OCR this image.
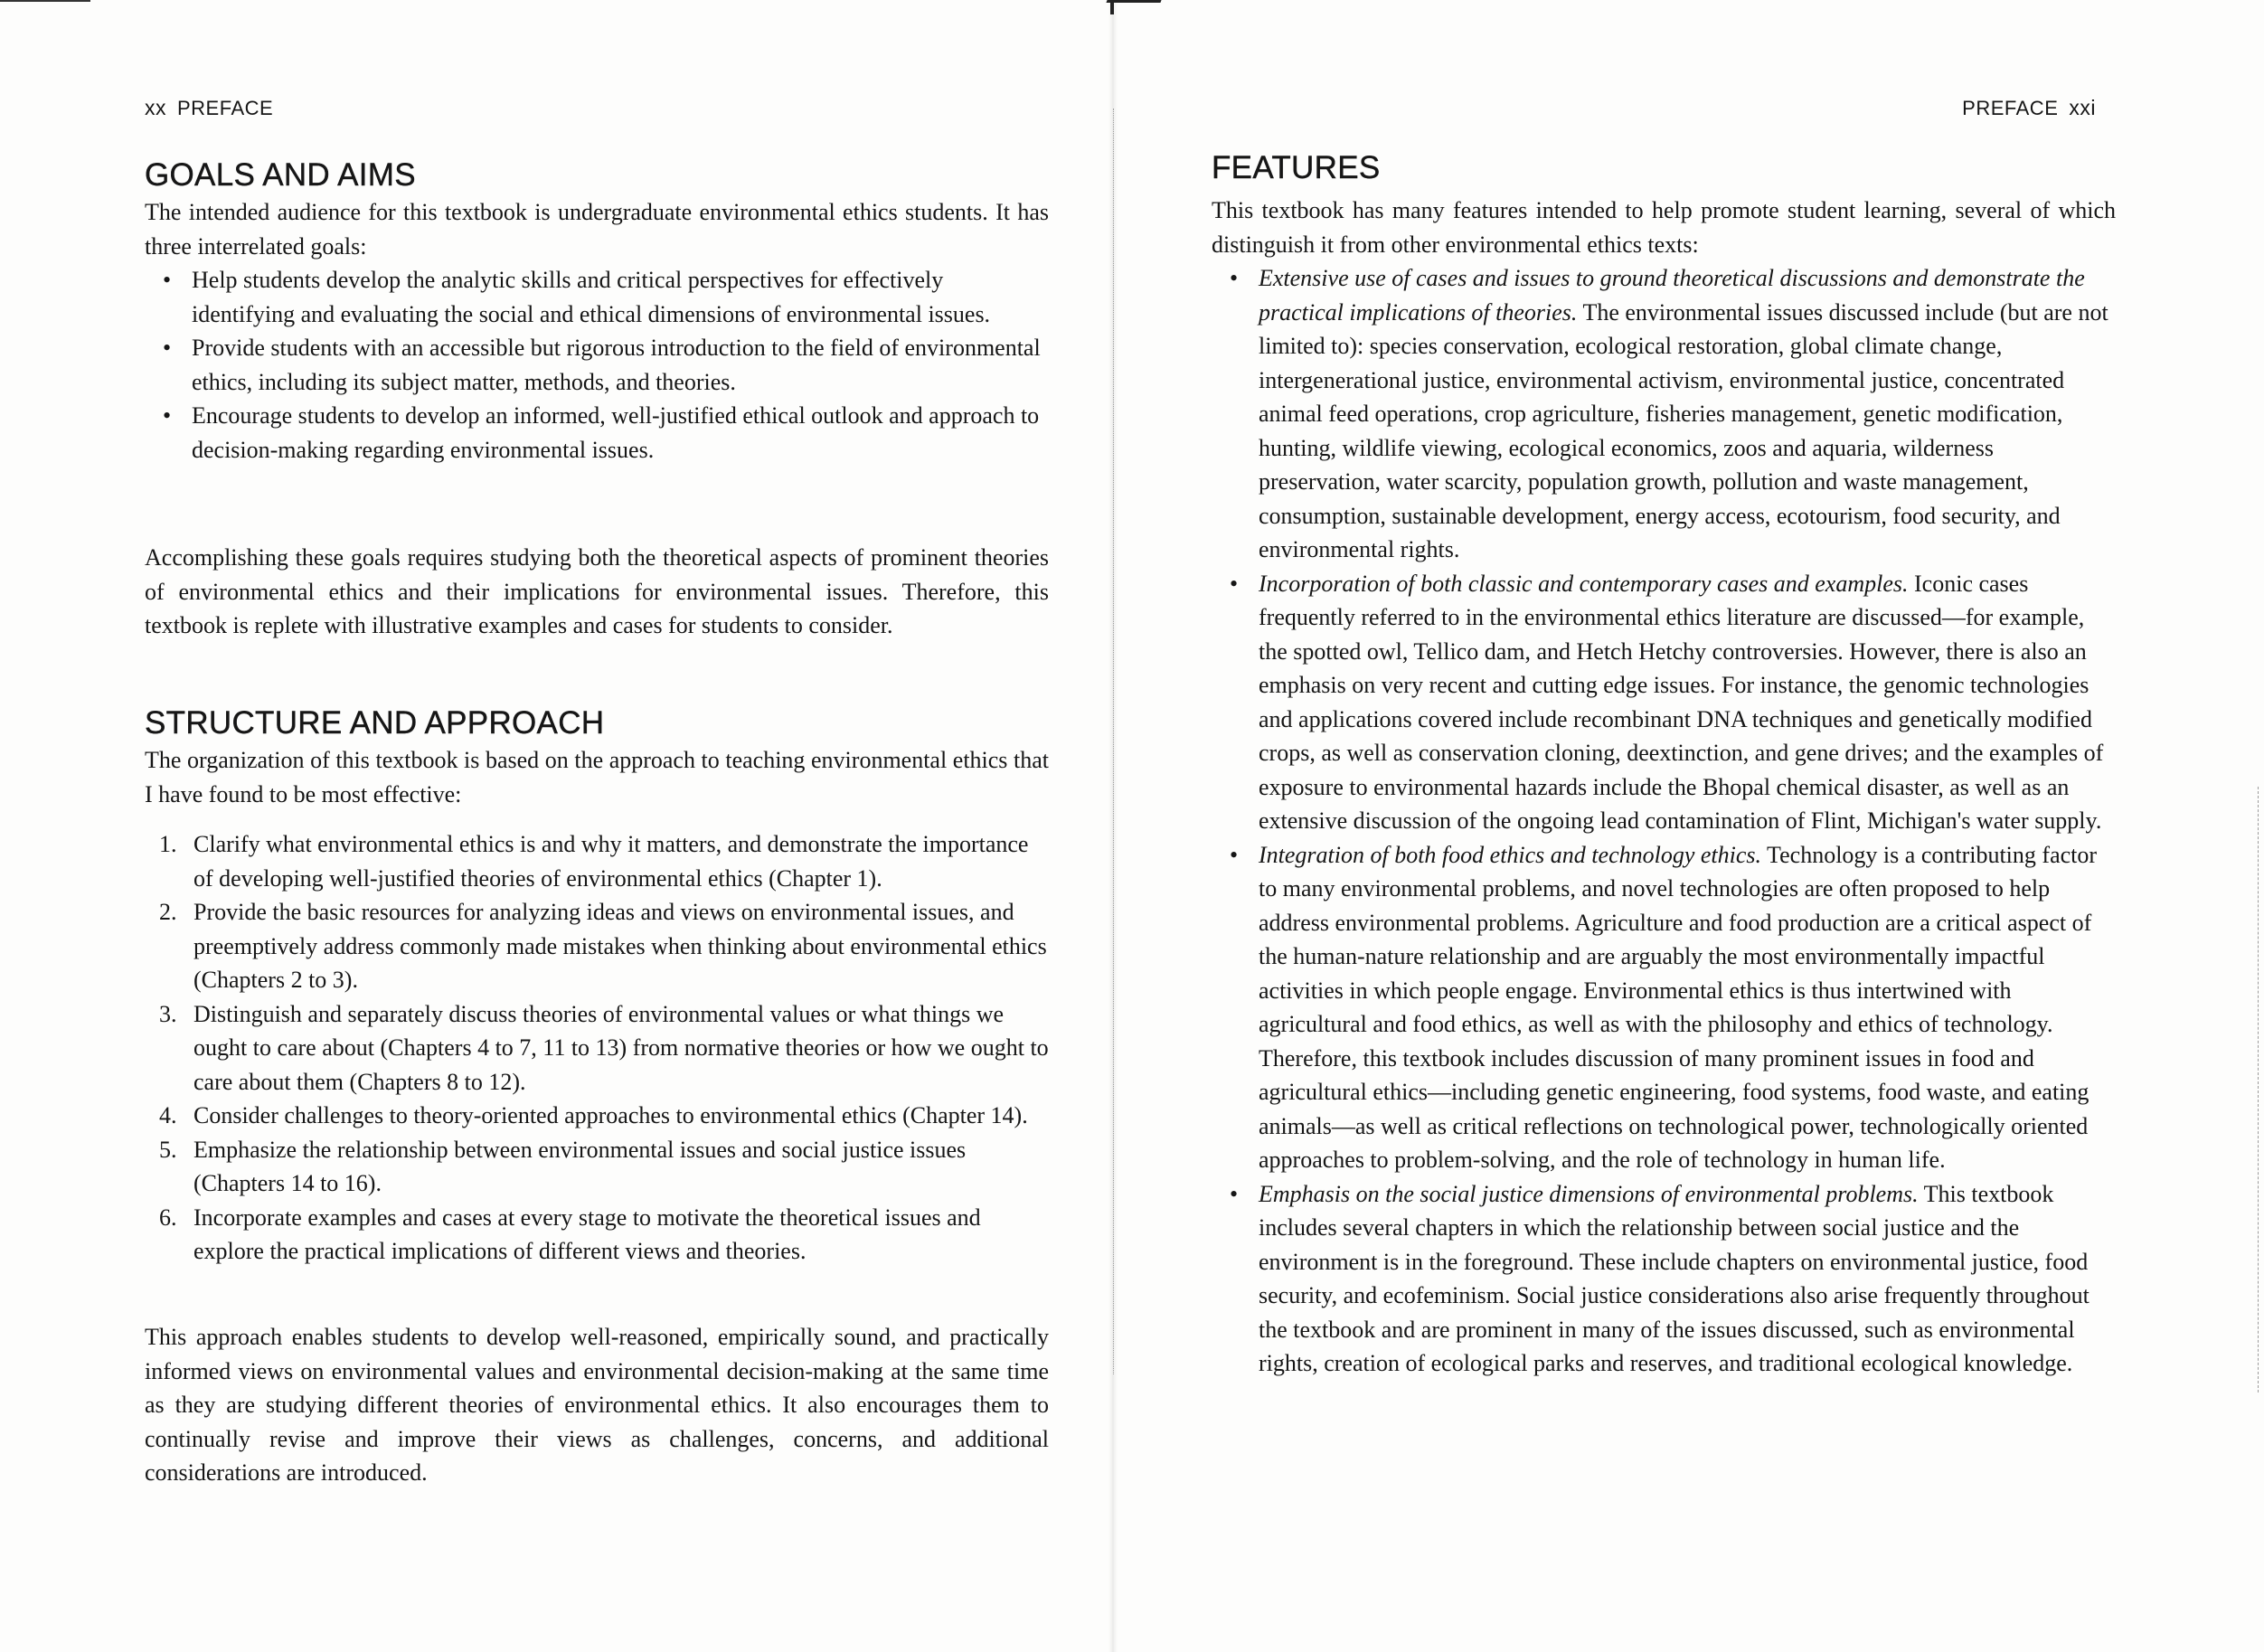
xx PREFACE
GOALS AND AIMS

The intended audience for this textbook is undergraduate environmental ethics students. It has three interrelated goals:

• Help students develop the analytic skills and critical perspectives for effectively identifying and evaluating the social and ethical dimensions of environmental issues.
• Provide students with an accessible but rigorous introduction to the field of environmental ethics, including its subject matter, methods, and theories.
• Encourage students to develop an informed, well-justified ethical outlook and approach to decision-making regarding environmental issues.

Accomplishing these goals requires studying both the theoretical aspects of prominent theories of environmental ethics and their implications for environmental issues. Therefore, this textbook is replete with illustrative examples and cases for students to consider.

STRUCTURE AND APPROACH

The organization of this textbook is based on the approach to teaching environmental ethics that I have found to be most effective:

1. Clarify what environmental ethics is and why it matters, and demonstrate the importance of developing well-justified theories of environmental ethics (Chapter 1).
2. Provide the basic resources for analyzing ideas and views on environmental issues, and preemptively address commonly made mistakes when thinking about environmental ethics (Chapters 2 to 3).
3. Distinguish and separately discuss theories of environmental values or what things we ought to care about (Chapters 4 to 7, 11 to 13) from normative theories or how we ought to care about them (Chapters 8 to 12).
4. Consider challenges to theory-oriented approaches to environmental ethics (Chapter 14).
5. Emphasize the relationship between environmental issues and social justice issues (Chapters 14 to 16).
6. Incorporate examples and cases at every stage to motivate the theoretical issues and explore the practical implications of different views and theories.

This approach enables students to develop well-reasoned, empirically sound, and practically informed views on environmental values and environmental decision-making at the same time as they are studying different theories of environmental ethics. It also encourages them to continually revise and improve their views as challenges, concerns, and additional considerations are introduced.

PREFACE xxi
FEATURES

This textbook has many features intended to help promote student learning, several of which distinguish it from other environmental ethics texts:

• Extensive use of cases and issues to ground theoretical discussions and demonstrate the practical implications of theories. The environmental issues discussed include (but are not limited to): species conservation, ecological restoration, global climate change, intergenerational justice, environmental activism, environmental justice, concentrated animal feed operations, crop agriculture, fisheries management, genetic modification, hunting, wildlife viewing, ecological economics, zoos and aquaria, wilderness preservation, water scarcity, population growth, pollution and waste management, consumption, sustainable development, energy access, ecotourism, food security, and environmental rights.
• Incorporation of both classic and contemporary cases and examples. Iconic cases frequently referred to in the environmental ethics literature are discussed—for example, the spotted owl, Tellico dam, and Hetch Hetchy controversies. However, there is also an emphasis on very recent and cutting edge issues. For instance, the genomic technologies and applications covered include recombinant DNA techniques and genetically modified crops, as well as conservation cloning, deextinction, and gene drives; and the examples of exposure to environmental hazards include the Bhopal chemical disaster, as well as an extensive discussion of the ongoing lead contamination of Flint, Michigan's water supply.
• Integration of both food ethics and technology ethics. Technology is a contributing factor to many environmental problems, and novel technologies are often proposed to help address environmental problems. Agriculture and food production are a critical aspect of the human-nature relationship and are arguably the most environmentally impactful activities in which people engage. Environmental ethics is thus intertwined with agricultural and food ethics, as well as with the philosophy and ethics of technology. Therefore, this textbook includes discussion of many prominent issues in food and agricultural ethics—including genetic engineering, food systems, food waste, and eating animals—as well as critical reflections on technological power, technologically oriented approaches to problem-solving, and the role of technology in human life.
• Emphasis on the social justice dimensions of environmental problems. This textbook includes several chapters in which the relationship between social justice and the environment is in the foreground. These include chapters on environmental justice, food security, and ecofeminism. Social justice considerations also arise frequently throughout the textbook and are prominent in many of the issues discussed, such as environmental rights, creation of ecological parks and reserves, and traditional ecological knowledge.
